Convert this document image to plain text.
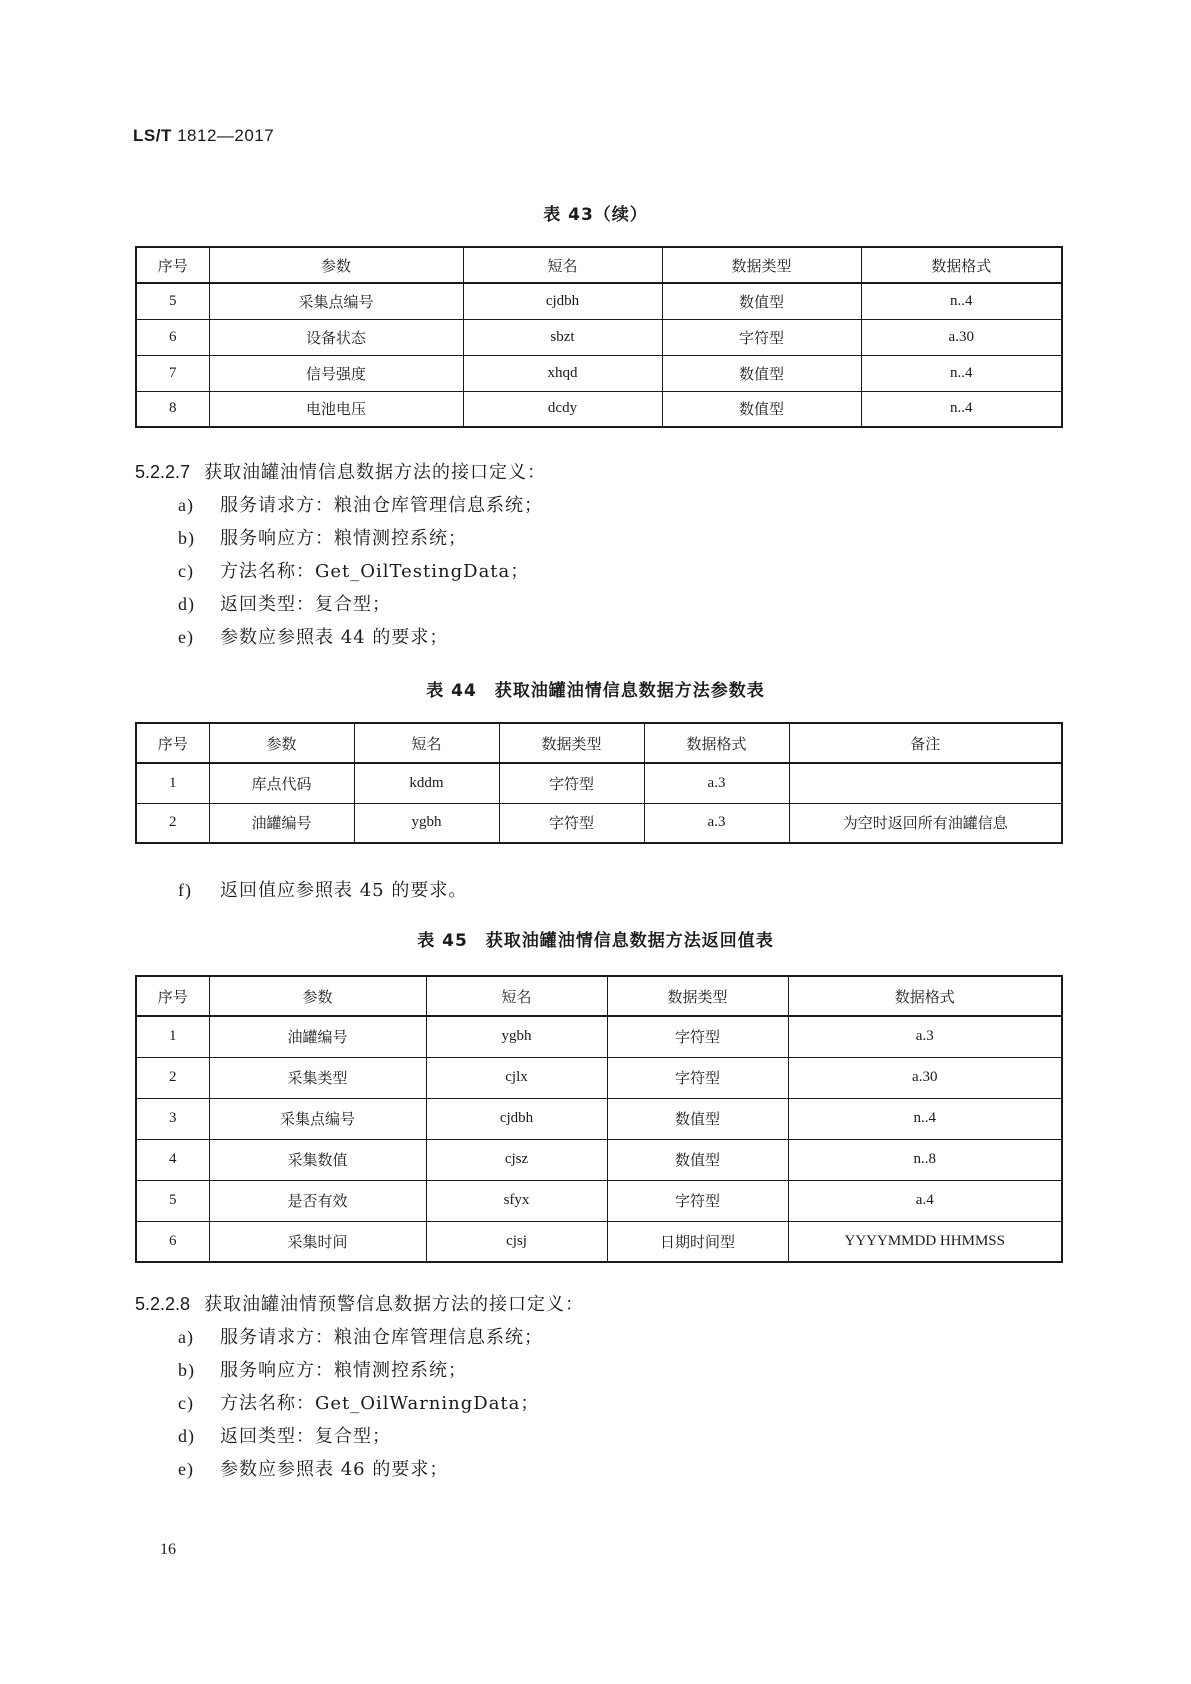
LS/T 1812—2017
表 43（续）
序号	参数	短名	数据类型	数据格式
5	采集点编号	cjdbh	数值型	n..4
6	设备状态	sbzt	字符型	a.30
7	信号强度	xhqd	数值型	n..4
8	电池电压	dcdy	数值型	n..4
5.2.2.7 获取油罐油情信息数据方法的接口定义：
a) 服务请求方：粮油仓库管理信息系统；
b) 服务响应方：粮情测控系统；
c) 方法名称：Get_OilTestingData；
d) 返回类型：复合型；
e) 参数应参照表 44 的要求；
表 44　获取油罐油情信息数据方法参数表
序号	参数	短名	数据类型	数据格式	备注
1	库点代码	kddm	字符型	a.3	
2	油罐编号	ygbh	字符型	a.3	为空时返回所有油罐信息
f) 返回值应参照表 45 的要求。
表 45　获取油罐油情信息数据方法返回值表
序号	参数	短名	数据类型	数据格式
1	油罐编号	ygbh	字符型	a.3
2	采集类型	cjlx	字符型	a.30
3	采集点编号	cjdbh	数值型	n..4
4	采集数值	cjsz	数值型	n..8
5	是否有效	sfyx	字符型	a.4
6	采集时间	cjsj	日期时间型	YYYYMMDD HHMMSS
5.2.2.8 获取油罐油情预警信息数据方法的接口定义：
a) 服务请求方：粮油仓库管理信息系统；
b) 服务响应方：粮情测控系统；
c) 方法名称：Get_OilWarningData；
d) 返回类型：复合型；
e) 参数应参照表 46 的要求；
16
